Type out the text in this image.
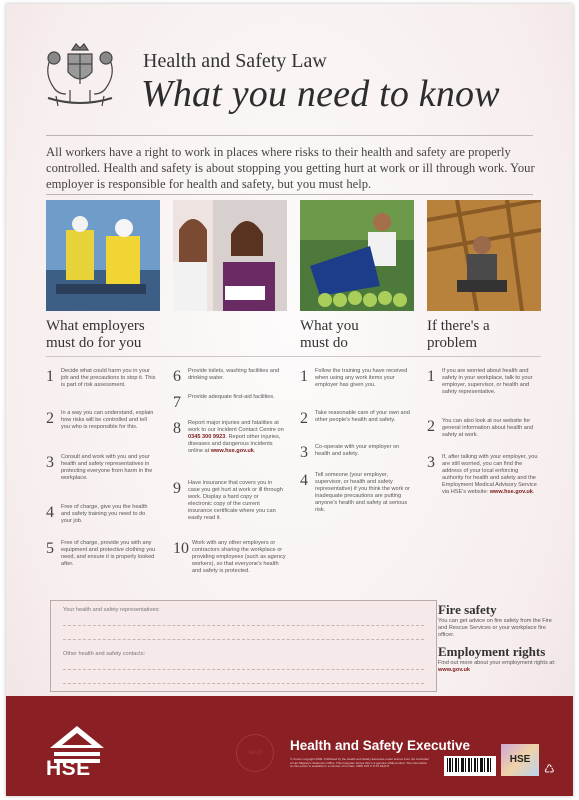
Health and Safety Law
What you need to know
All workers have a right to work in places where risks to their health and safety are properly controlled. Health and safety is about stopping you getting hurt at work or ill through work. Your employer is responsible for health and safety, but you must help.
What employers
must do for you
What you
must do
If there's a
problem
1 Decide what could harm you in your job and the precautions to stop it. This is part of risk assessment.
2 In a way you can understand, explain how risks will be controlled and tell you who is responsible for this.
3 Consult and work with you and your health and safety representatives in protecting everyone from harm in the workplace.
4 Free of charge, give you the health and safety training you need to do your job.
5 Free of charge, provide you with any equipment and protective clothing you need, and ensure it is properly looked after.
6 Provide toilets, washing facilities and drinking water.
7 Provide adequate first-aid facilities.
8 Report major injuries and fatalities at work to our Incident Contact Centre on 0345 300 9923. Report other injuries, diseases and dangerous incidents online at www.hse.gov.uk.
9 Have insurance that covers you in case you get hurt at work or ill through work. Display a hard copy or electronic copy of the current insurance certificate where you can easily read it.
10 Work with any other employers or contractors sharing the workplace or providing employees (such as agency workers), so that everyone's health and safety is protected.
1 Follow the training you have received when using any work items your employer has given you.
2 Take reasonable care of your own and other people's health and safety.
3 Co-operate with your employer on health and safety.
4 Tell someone (your employer, supervisor, or health and safety representative) if you think the work or inadequate precautions are putting anyone's health and safety at serious risk.
1 If you are worried about health and safety in your workplace, talk to your employer, supervisor, or health and safety representative.
2 You can also look at our website for general information about health and safety at work.
3 If, after talking with your employer, you are still worried, you can find the address of your local enforcing authority for health and safety and the Employment Medical Advisory Service via HSE's website: www.hse.gov.uk.
Your health and safety representatives:
Other health and safety contacts:
Fire safety
You can get advice on fire safety from the Fire and Rescue Services or your workplace fire officer.
Employment rights
Find out more about your employment rights at:
www.gov.uk
HSE
VALID	Health and Safety Executive
© Crown copyright 2009. Published by the Health and Safety Executive under licence from the Controller of Her Majesty's Stationery Office. This hologram shows this is a genuine HSE product. The information on this poster is available in a number of formats. ISBN 978 0 7176 6344 8
HSE
♺
